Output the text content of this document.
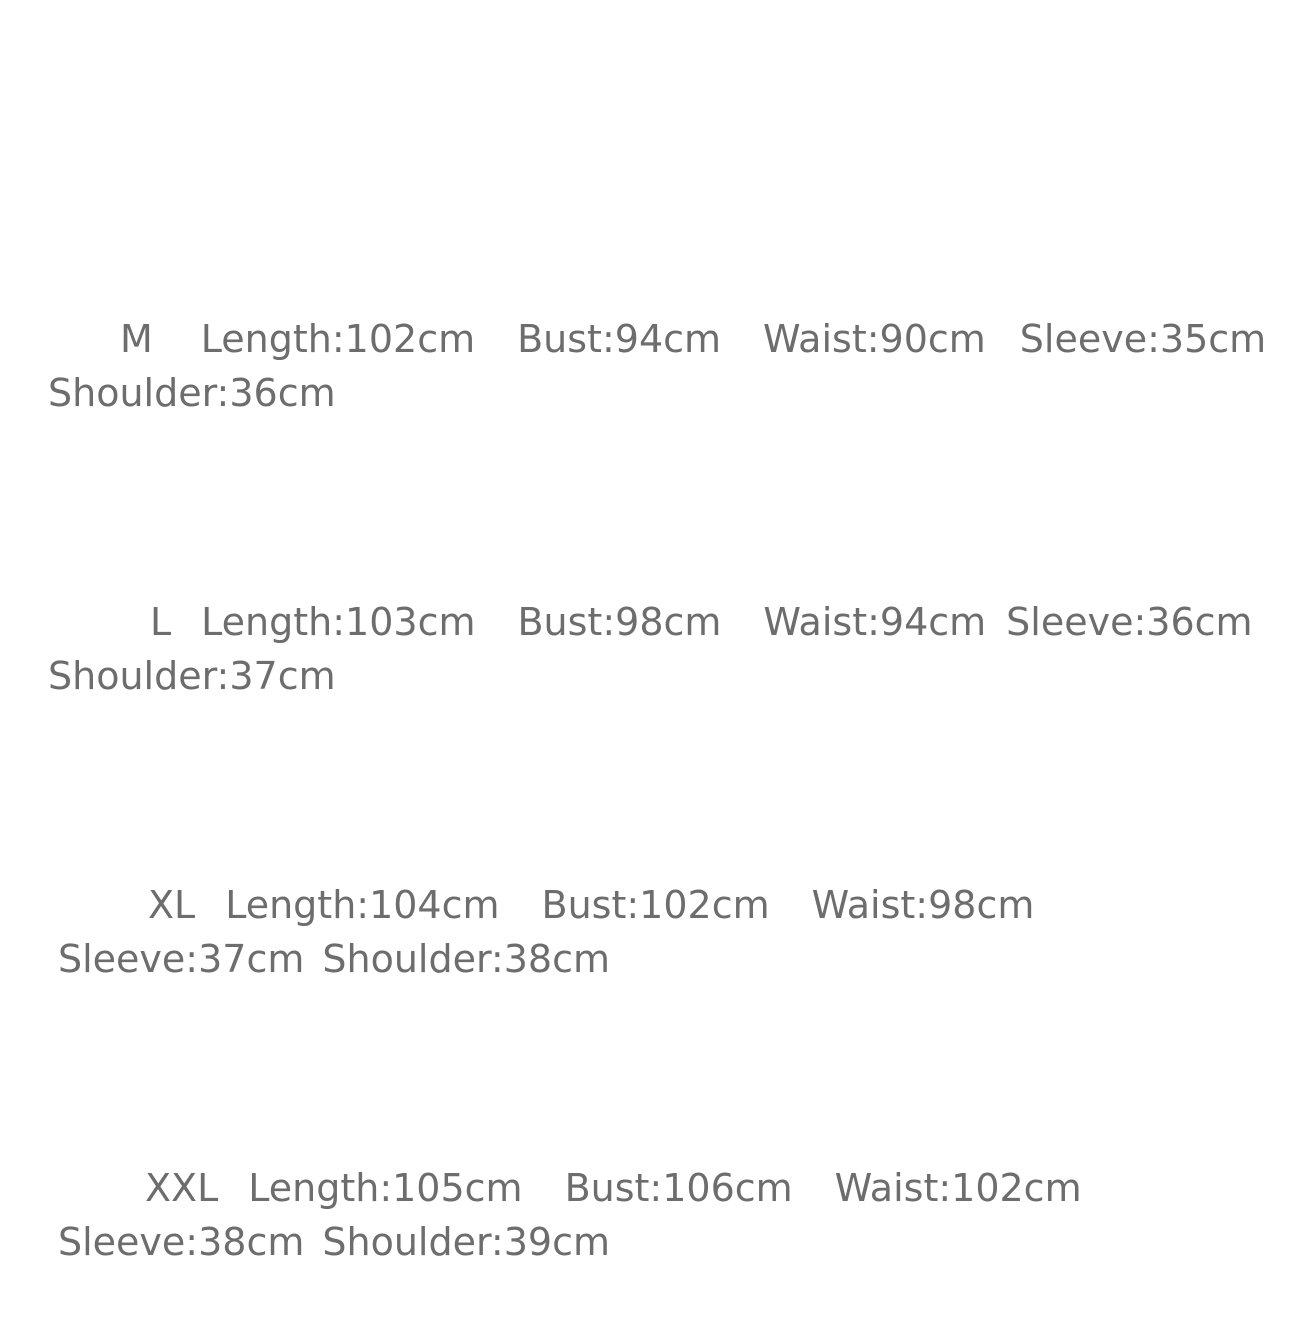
M Length:102cm Bust:94cm Waist:90cm Sleeve:35cm
Shoulder:36cm
L Length:103cm Bust:98cm Waist:94cm Sleeve:36cm
Shoulder:37cm
XL Length:104cm Bust:102cm Waist:98cm
Sleeve:37cm Shoulder:38cm
XXL Length:105cm Bust:106cm Waist:102cm
Sleeve:38cm Shoulder:39cm
